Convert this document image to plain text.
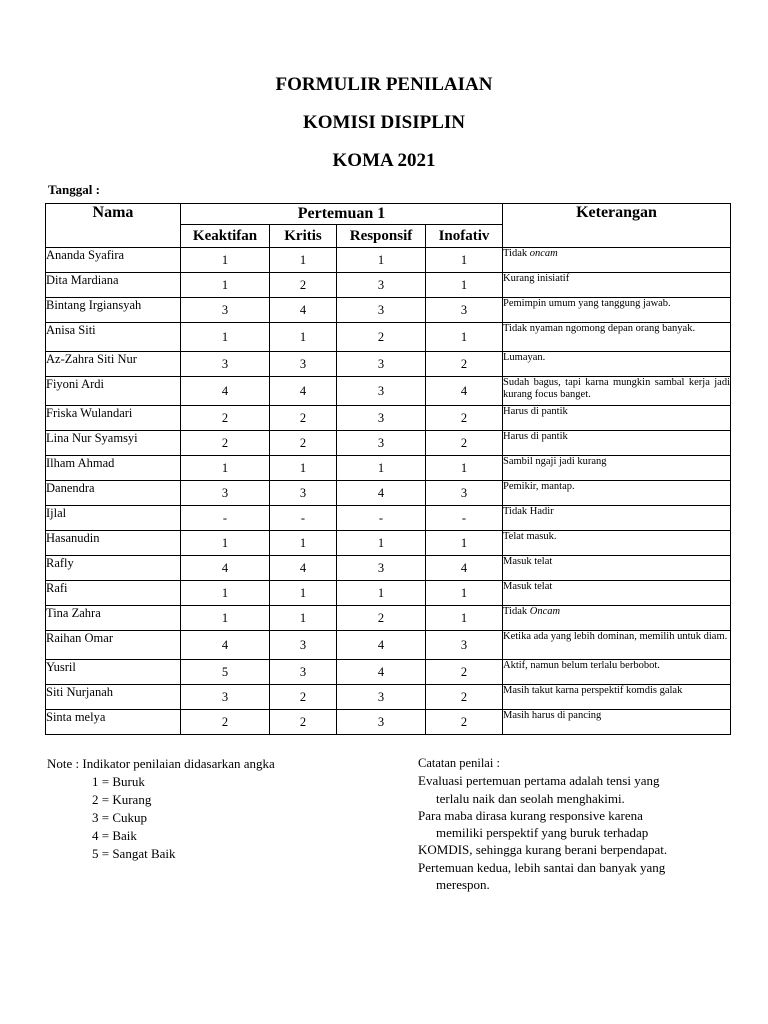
FORMULIR PENILAIAN
KOMISI DISIPLIN
KOMA 2021
Tanggal :
Nama	Pertemuan 1				Keterangan
	Keaktifan	Kritis	Responsif	Inofativ	
Ananda Syafira	1	1	1	1	Tidak oncam
Dita Mardiana	1	2	3	1	Kurang inisiatif
Bintang Irgiansyah	3	4	3	3	Pemimpin umum yang tanggung jawab.
Anisa Siti	1	1	2	1	Tidak nyaman ngomong depan orang banyak.
Az-Zahra Siti Nur	3	3	3	2	Lumayan.
Fiyoni Ardi	4	4	3	4	Sudah bagus, tapi karna mungkin sambal kerja jadi kurang focus banget.
Friska Wulandari	2	2	3	2	Harus di pantik
Lina Nur Syamsyi	2	2	3	2	Harus di pantik
Ilham Ahmad	1	1	1	1	Sambil ngaji jadi kurang
Danendra	3	3	4	3	Pemikir, mantap.
Ijlal	-	-	-	-	Tidak Hadir
Hasanudin	1	1	1	1	Telat masuk.
Rafly	4	4	3	4	Masuk telat
Rafi	1	1	1	1	Masuk telat
Tina Zahra	1	1	2	1	Tidak Oncam
Raihan Omar	4	3	4	3	Ketika ada yang lebih dominan, memilih untuk diam.
Yusril	5	3	4	2	Aktif, namun belum terlalu berbobot.
Siti Nurjanah	3	2	3	2	Masih takut karna perspektif komdis galak
Sinta melya	2	2	3	2	Masih harus di pancing
Note : Indikator penilaian didasarkan angka
1 = Buruk
2 = Kurang
3 = Cukup
4 = Baik
5 = Sangat Baik
Catatan penilai :
Evaluasi pertemuan pertama adalah tensi yang
terlalu naik dan seolah menghakimi.
Para maba dirasa kurang responsive karena
memiliki perspektif yang buruk terhadap
KOMDIS, sehingga kurang berani berpendapat.
Pertemuan kedua, lebih santai dan banyak yang
merespon.
